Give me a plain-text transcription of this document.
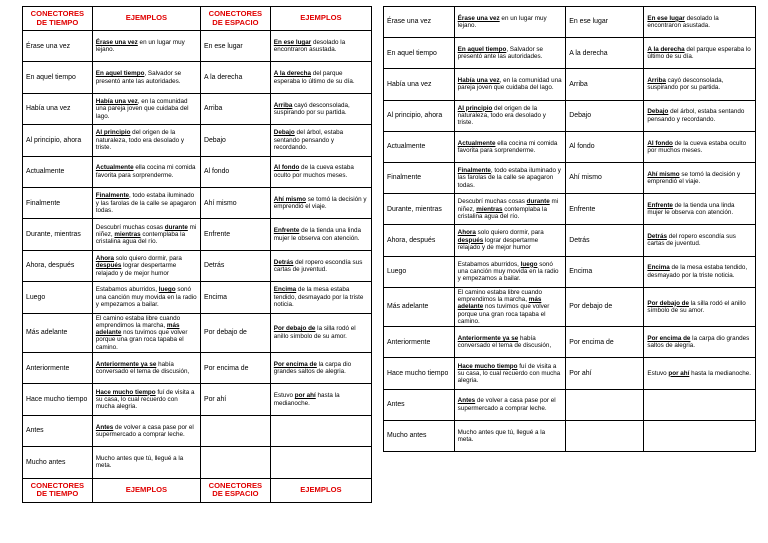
CONECTORES DE TIEMPO	EJEMPLOS	CONECTORES DE ESPACIO	EJEMPLOS
Érase una vez	Érase una vez en un lugar muy lejano.	En ese lugar	En ese lugar desolado la encontraron asustada.
En aquel tiempo	En aquel tiempo, Salvador se presentó ante las autoridades.	A la derecha	A la derecha del parque esperaba lo último de su día.
Había una vez	Había una vez, en la comunidad una pareja joven que cuidaba del lago.	Arriba	Arriba cayó desconsolada, suspirando por su partida.
Al principio, ahora	Al principio del origen de la naturaleza, todo era desolado y triste.	Debajo	Debajo del árbol, estaba sentando pensando y recordando.
Actualmente	Actualmente ella cocina mi comida favorita para sorprenderme.	Al fondo	Al fondo de la cueva estaba oculto por muchos meses.
Finalmente	Finalmente, todo estaba iluminado y las farolas de la calle se apagaron todas.	Ahí mismo	Ahí mismo se tomó la decisión y emprendió el viaje.
Durante, mientras	Descubrí muchas cosas durante mi niñez, mientras contemplaba la cristalina agua del río.	Enfrente	Enfrente de la tienda una linda mujer le observa con atención.
Ahora, después	Ahora solo quiero dormir, para después lograr despertarme relajado y de mejor humor	Detrás	Detrás del ropero escondía sus cartas de juventud.
Luego	Estabamos aburridos, luego sonó una canción muy movida en la radio y empezamos a bailar.	Encima	Encima de la mesa estaba tendido, desmayado por la triste noticia.
Más adelante	El camino estaba libre cuando emprendimos la marcha, más adelante nos tuvimos que volver porque una gran roca tapaba el camino.	Por debajo de	Por debajo de la silla rodó el anillo símbolo de su amor.
Anteriormente	Anteriormente ya se había conversado el tema de discusión,	Por encima de	Por encima de la carpa dio grandes saltos de alegria.
Hace mucho tiempo	Hace mucho tiempo fuí de visita a su casa, lo cual recuerdo con mucha alegria.	Por ahí	Estuvo por ahí hasta la medianoche.
Antes	Antes de volver a casa pase por el supermercado a comprar leche.		
Mucho antes	Mucho antes que tú, llegué a la meta.		
CONECTORES DE TIEMPO	EJEMPLOS	CONECTORES DE ESPACIO	EJEMPLOS
Érase una vez	Érase una vez en un lugar muy lejano.	En ese lugar	En ese lugar desolado la encontraron asustada.
En aquel tiempo	En aquel tiempo, Salvador se presentó ante las autoridades.	A la derecha	A la derecha del parque esperaba lo último de su día.
Había una vez	Había una vez, en la comunidad una pareja joven que cuidaba del lago.	Arriba	Arriba cayó desconsolada, suspirando por su partida.
Al principio, ahora	Al principio del origen de la naturaleza, todo era desolado y triste.	Debajo	Debajo del árbol, estaba sentando pensando y recordando.
Actualmente	Actualmente ella cocina mi comida favorita para sorprenderme.	Al fondo	Al fondo de la cueva estaba oculto por muchos meses.
Finalmente	Finalmente, todo estaba iluminado y las farolas de la calle se apagaron todas.	Ahí mismo	Ahí mismo se tomó la decisión y emprendió el viaje.
Durante, mientras	Descubrí muchas cosas durante mi niñez, mientras contemplaba la cristalina agua del río.	Enfrente	Enfrente de la tienda una linda mujer le observa con atención.
Ahora, después	Ahora solo quiero dormir, para después lograr despertarme relajado y de mejor humor	Detrás	Detrás del ropero escondía sus cartas de juventud.
Luego	Estabamos aburridos, luego sonó una canción muy movida en la radio y empezamos a bailar.	Encima	Encima de la mesa estaba tendido, desmayado por la triste noticia.
Más adelante	El camino estaba libre cuando emprendimos la marcha, más adelante nos tuvimos que volver porque una gran roca tapaba el camino.	Por debajo de	Por debajo de la silla rodó el anillo símbolo de su amor.
Anteriormente	Anteriormente ya se había conversado el tema de discusión,	Por encima de	Por encima de la carpa dio grandes saltos de alegria.
Hace mucho tiempo	Hace mucho tiempo fuí de visita a su casa, lo cual recuerdo con mucha alegria.	Por ahí	Estuvo por ahí hasta la medianoche.
Antes	Antes de volver a casa pase por el supermercado a comprar leche.		
Mucho antes	Mucho antes que tú, llegué a la meta.		
